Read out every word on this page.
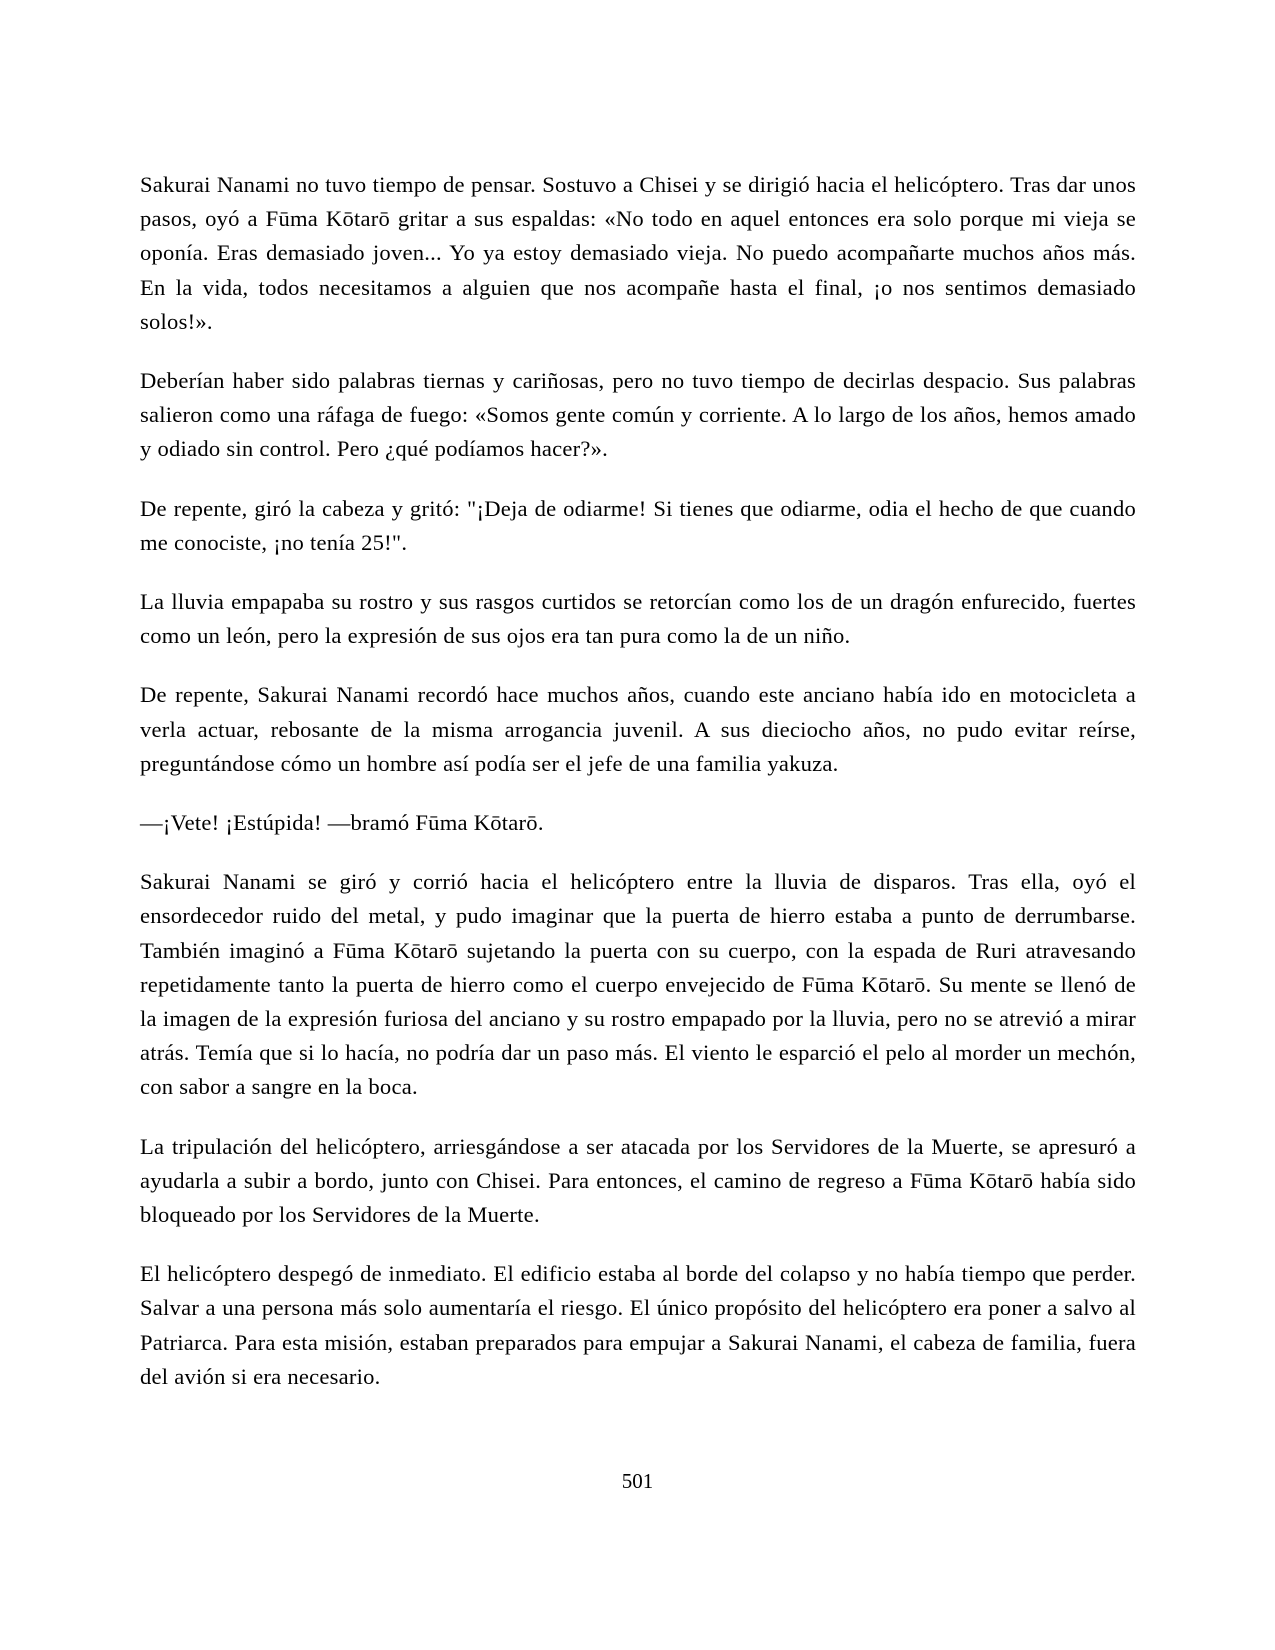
Sakurai Nanami no tuvo tiempo de pensar. Sostuvo a Chisei y se dirigió hacia el helicóptero. Tras dar unos pasos, oyó a Fūma Kōtarō gritar a sus espaldas: «No todo en aquel entonces era solo porque mi vieja se oponía. Eras demasiado joven... Yo ya estoy demasiado vieja. No puedo acompañarte muchos años más. En la vida, todos necesitamos a alguien que nos acompañe hasta el final, ¡o nos sentimos demasiado solos!».

Deberían haber sido palabras tiernas y cariñosas, pero no tuvo tiempo de decirlas despacio. Sus palabras salieron como una ráfaga de fuego: «Somos gente común y corriente. A lo largo de los años, hemos amado y odiado sin control. Pero ¿qué podíamos hacer?».

De repente, giró la cabeza y gritó: "¡Deja de odiarme! Si tienes que odiarme, odia el hecho de que cuando me conociste, ¡no tenía 25!".

La lluvia empapaba su rostro y sus rasgos curtidos se retorcían como los de un dragón enfurecido, fuertes como un león, pero la expresión de sus ojos era tan pura como la de un niño.

De repente, Sakurai Nanami recordó hace muchos años, cuando este anciano había ido en motocicleta a verla actuar, rebosante de la misma arrogancia juvenil. A sus dieciocho años, no pudo evitar reírse, preguntándose cómo un hombre así podía ser el jefe de una familia yakuza.

—¡Vete! ¡Estúpida! —bramó Fūma Kōtarō.

Sakurai Nanami se giró y corrió hacia el helicóptero entre la lluvia de disparos. Tras ella, oyó el ensordecedor ruido del metal, y pudo imaginar que la puerta de hierro estaba a punto de derrumbarse. También imaginó a Fūma Kōtarō sujetando la puerta con su cuerpo, con la espada de Ruri atravesando repetidamente tanto la puerta de hierro como el cuerpo envejecido de Fūma Kōtarō. Su mente se llenó de la imagen de la expresión furiosa del anciano y su rostro empapado por la lluvia, pero no se atrevió a mirar atrás. Temía que si lo hacía, no podría dar un paso más. El viento le esparció el pelo al morder un mechón, con sabor a sangre en la boca.

La tripulación del helicóptero, arriesgándose a ser atacada por los Servidores de la Muerte, se apresuró a ayudarla a subir a bordo, junto con Chisei. Para entonces, el camino de regreso a Fūma Kōtarō había sido bloqueado por los Servidores de la Muerte.

El helicóptero despegó de inmediato. El edificio estaba al borde del colapso y no había tiempo que perder. Salvar a una persona más solo aumentaría el riesgo. El único propósito del helicóptero era poner a salvo al Patriarca. Para esta misión, estaban preparados para empujar a Sakurai Nanami, el cabeza de familia, fuera del avión si era necesario.

501
